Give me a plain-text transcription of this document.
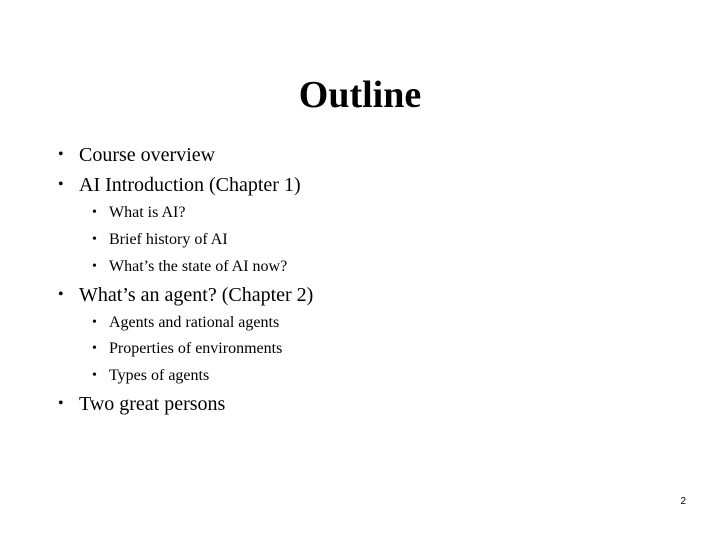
Outline
• Course overview
• AI Introduction (Chapter 1)
• What is AI?
• Brief history of AI
• What’s the state of AI now?
• What’s an agent? (Chapter 2)
• Agents and rational agents
• Properties of environments
• Types of agents
• Two great persons
2
